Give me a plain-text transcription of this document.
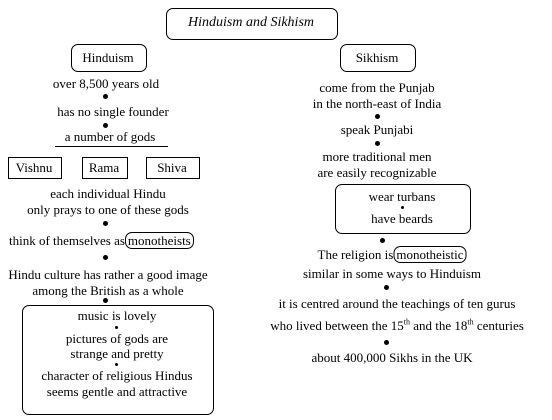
Hinduism and Sikhism
Hinduism
over 8,500 years old
has no single founder
a number of gods
Vishnu	Rama	Shiva
each individual Hindu
only prays to one of these gods
think of themselves as monotheists
Hindu culture has rather a good image
among the British as a whole
music is lovely
pictures of gods are
strange and pretty
character of religious Hindus
seems gentle and attractive
Sikhism
come from the Punjab
in the north-east of India
speak Punjabi
more traditional men
are easily recognizable
wear turbans
have beards
The religion is monotheistic
similar in some ways to Hinduism
it is centred around the teachings of ten gurus
who lived between the 15th and the 18th centuries
about 400,000 Sikhs in the UK
